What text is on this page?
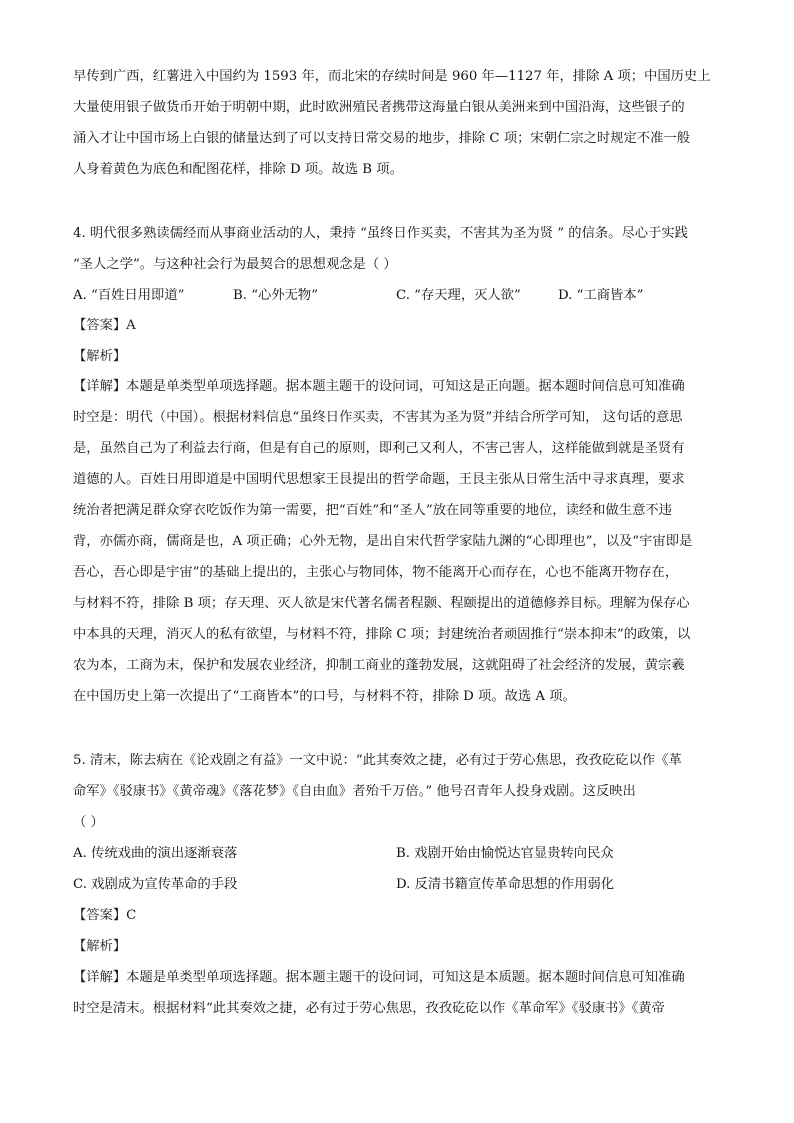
早传到广西，红薯进入中国约为 1593 年，而北宋的存续时间是 960 年—1127 年，排除 A 项；中国历史上
大量使用银子做货币开始于明朝中期，此时欧洲殖民者携带这海量白银从美洲来到中国沿海，这些银子的
涌入才让中国市场上白银的储量达到了可以支持日常交易的地步，排除 C 项；宋朝仁宗之时规定不准一般
人身着黄色为底色和配图花样，排除 D 项。故选 B 项。
4. 明代很多熟读儒经而从事商业活动的人，秉持 “虽终日作买卖，不害其为圣为贤 ” 的信条。尽心于实践
“圣人之学”。与这种社会行为最契合的思想观念是（ ）
A. “百姓日用即道”	B. “心外无物”	C. “存天理，灭人欲”	D. “工商皆本”
【答案】A
【解析】
【详解】本题是单类型单项选择题。据本题主题干的设问词，可知这是正向题。据本题时间信息可知准确
时空是：明代（中国）。根据材料信息“虽终日作买卖，不害其为圣为贤”并结合所学可知， 这句话的意思
是，虽然自己为了利益去行商，但是有自己的原则，即利己又利人，不害己害人，这样能做到就是圣贤有
道德的人。百姓日用即道是中国明代思想家王艮提出的哲学命题，王艮主张从日常生活中寻求真理，要求
统治者把满足群众穿衣吃饭作为第一需要，把“百姓”和“圣人”放在同等重要的地位，读经和做生意不违
背，亦儒亦商，儒商是也，A 项正确；心外无物，是出自宋代哲学家陆九渊的“心即理也”，以及“宇宙即是
吾心，吾心即是宇宙”的基础上提出的，主张心与物同体，物不能离开心而存在，心也不能离开物存在，
与材料不符，排除 B 项；存天理、灭人欲是宋代著名儒者程颢、程颐提出的道德修养目标。理解为保存心
中本具的天理，消灭人的私有欲望，与材料不符，排除 C 项；封建统治者顽固推行“崇本抑末”的政策，以
农为本，工商为末，保护和发展农业经济，抑制工商业的蓬勃发展，这就阻碍了社会经济的发展，黄宗羲
在中国历史上第一次提出了“工商皆本”的口号，与材料不符，排除 D 项。故选 A 项。
5. 清末，陈去病在《论戏剧之有益》一文中说：“此其奏效之捷，必有过于劳心焦思，孜孜矻矻以作《革
命军》《驳康书》《黄帝魂》《落花梦》《自由血》者殆千万倍。” 他号召青年人投身戏剧。这反映出
（ ）
A. 传统戏曲的演出逐渐衰落	B. 戏剧开始由愉悦达官显贵转向民众
C. 戏剧成为宣传革命的手段	D. 反清书籍宣传革命思想的作用弱化
【答案】C
【解析】
【详解】本题是单类型单项选择题。据本题主题干的设问词，可知这是本质题。据本题时间信息可知准确
时空是清末。根据材料“此其奏效之捷，必有过于劳心焦思，孜孜矻矻以作《革命军》《驳康书》《黄帝
